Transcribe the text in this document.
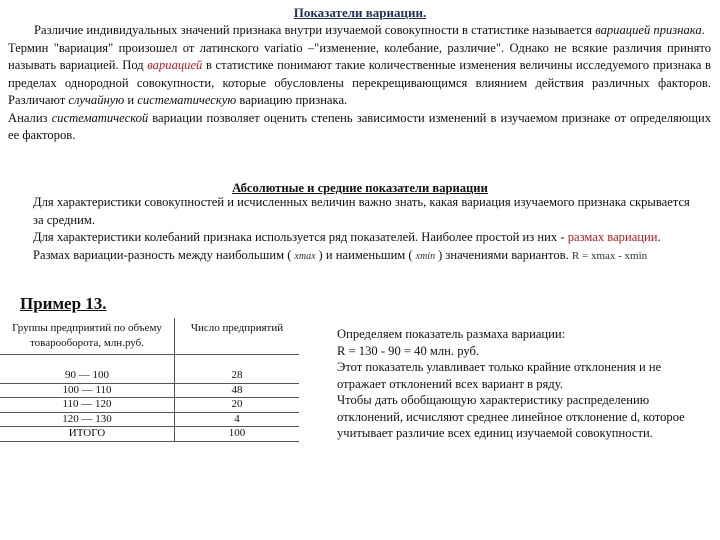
Показатели вариации.

Различие индивидуальных значений признака внутри изучаемой совокупности в статистике называется вариацией признака.

Термин "вариация" произошел от латинского variatio –"изменение, колебание, различие". Однако не всякие различия принято называть вариацией. Под вариацией в статистике понимают такие количественные изменения величины исследуемого признака в пределах однородной совокупности, которые обусловлены перекрещивающимся влиянием действия различных факторов. Различают случайную и систематическую вариацию признака.

Анализ систематической вариации позволяет оценить степень зависимости изменений в изучаемом признаке от определяющих ее факторов.

Абсолютные и средние показатели вариации

Для характеристики совокупностей и исчисленных величин важно знать, какая вариация изучаемого признака скрывается за средним.

Для характеристики колебаний признака используется ряд показателей. Наиболее простой из них - размах вариации.

Размах вариации-разность между наибольшим ( xmax ) и наименьшим ( xmin ) значениями вариантов. R = xmax - xmin

Пример 13.
Группы предприятий по объему товарооборота, млн.руб.	Число предприятий

90 — 100	28
100 — 110	48
110 — 120	20
120 — 130	4
ИТОГО	100

Определяем показатель размаха вариации:

R = 130 - 90 = 40 млн. руб.

Этот показатель улавливает только крайние отклонения и не отражает отклонений всех вариант в ряду.

Чтобы дать обобщающую характеристику распределению отклонений, исчисляют среднее линейное отклонение d, которое учитывает различие всех единиц изучаемой совокупности.
